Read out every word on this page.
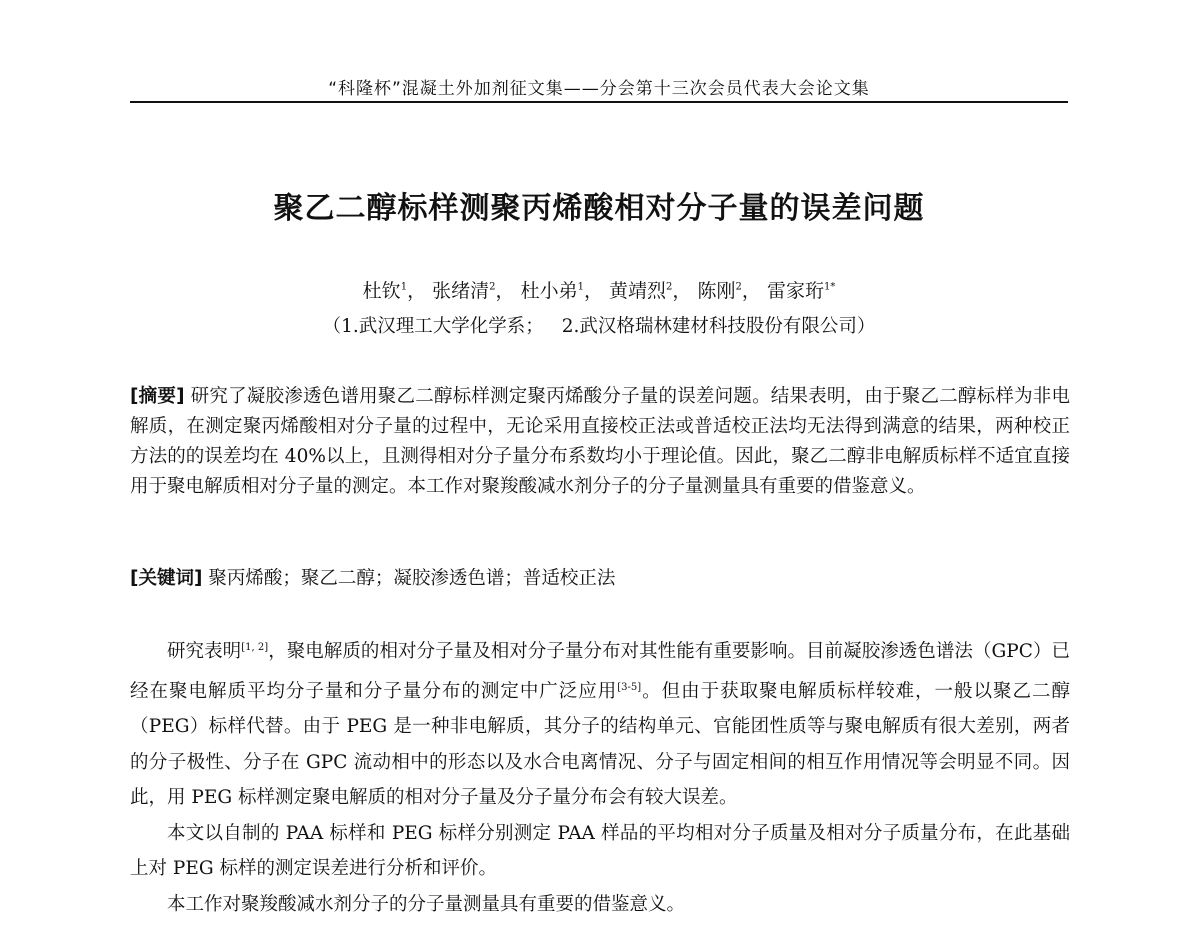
“科隆杯”混凝土外加剂征文集——分会第十三次会员代表大会论文集
聚乙二醇标样测聚丙烯酸相对分子量的误差问题
杜钦$^1$， 张绪清$^2$， 杜小弟$^1$， 黄靖烈$^2$， 陈刚$^2$， 雷家珩$^{1*}$
（1.武汉理工大学化学系； 2.武汉格瑞林建材科技股份有限公司）
[摘要] 研究了凝胶渗透色谱用聚乙二醇标样测定聚丙烯酸分子量的误差问题。结果表明，由于聚乙二醇标样为非电解质，在测定聚丙烯酸相对分子量的过程中，无论采用直接校正法或普适校正法均无法得到满意的结果，两种校正方法的的误差均在 40%以上，且测得相对分子量分布系数均小于理论值。因此，聚乙二醇非电解质标样不适宜直接用于聚电解质相对分子量的测定。本工作对聚羧酸减水剂分子的分子量测量具有重要的借鉴意义。
[关键词] 聚丙烯酸；聚乙二醇；凝胶渗透色谱；普适校正法

研究表明[1, 2]，聚电解质的相对分子量及相对分子量分布对其性能有重要影响。目前凝胶渗透色谱法（GPC）已经在聚电解质平均分子量和分子量分布的测定中广泛应用[3-5]。但由于获取聚电解质标样较难，一般以聚乙二醇（PEG）标样代替。由于 PEG 是一种非电解质，其分子的结构单元、官能团性质等与聚电解质有很大差别，两者的分子极性、分子在 GPC 流动相中的形态以及水合电离情况、分子与固定相间的相互作用情况等会明显不同。因此，用 PEG 标样测定聚电解质的相对分子量及分子量分布会有较大误差。

本文以自制的 PAA 标样和 PEG 标样分别测定 PAA 样品的平均相对分子质量及相对分子质量分布，在此基础上对 PEG 标样的测定误差进行分析和评价。

本工作对聚羧酸减水剂分子的分子量测量具有重要的借鉴意义。
